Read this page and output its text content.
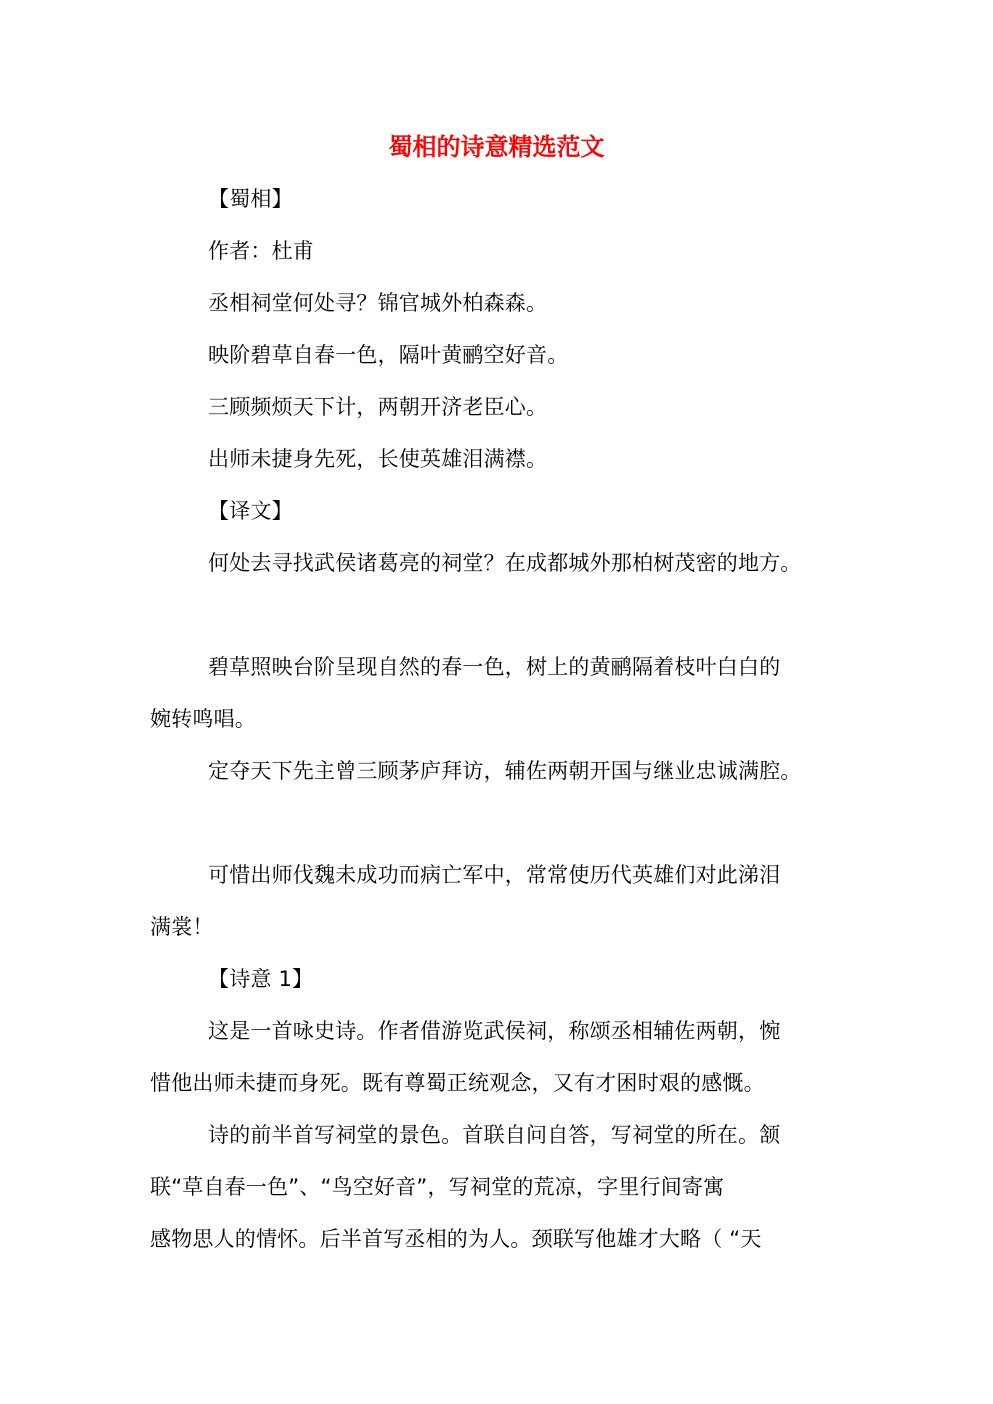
蜀相的诗意精选范文
【蜀相】
作者：杜甫
丞相祠堂何处寻？锦官城外柏森森。
映阶碧草自春一色，隔叶黄鹂空好音。
三顾频烦天下计，两朝开济老臣心。
出师未捷身先死，长使英雄泪满襟。
【译文】
何处去寻找武侯诸葛亮的祠堂？在成都城外那柏树茂密的地方。
碧草照映台阶呈现自然的春一色，树上的黄鹂隔着枝叶白白的
婉转鸣唱。
定夺天下先主曾三顾茅庐拜访，辅佐两朝开国与继业忠诚满腔。
可惜出师伐魏未成功而病亡军中，常常使历代英雄们对此涕泪
满裳！
【诗意 1】
这是一首咏史诗。作者借游览武侯祠，称颂丞相辅佐两朝，惋
惜他出师未捷而身死。既有尊蜀正统观念，又有才困时艰的感慨。
诗的前半首写祠堂的景色。首联自问自答，写祠堂的所在。颔
联“草自春一色”、“鸟空好音”，写祠堂的荒凉，字里行间寄寓
感物思人的情怀。后半首写丞相的为人。颈联写他雄才大略（ “天
